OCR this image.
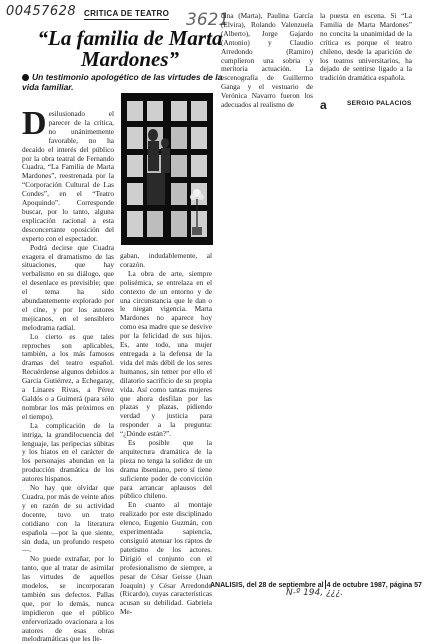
00457628 CRITICA DE TEATRO 3621
“La familia de Marta Mardones”
Un testimonio apologético de las virtudes de la vida familiar.

Desilusionado el parecer de la crítica, no unánimemente favorable, no ha decaído el interés del público por la obra teatral de Fernando Cuadra, “La Familia de Marta Mardones”, reestrenada por la “Corporación Cultural de Las Condes”, en el “Teatro Apoquindo”. Corresponde buscar, por lo tanto, alguna explicación racional a esta desconcertante oposición del experto con el espectador.

Podrá decirse que Cuadra exagera el dramatismo de las situaciones, que hay verbalismo en su diálogo, que el desenlace es previsible; que el tema ha sido abundantemente explorado por el cine, y por los autores mejicanos, en el sensiblero melodrama radial.

Lo cierto es que tales reproches son aplicables, también, a los más famosos dramas del teatro español. Recuérdense algunos debidos a García Gutiérrez, a Echegaray, a Linares Rivas, a Pérez Galdós o a Guimerá (para sólo nombrar los más próximos en el tiempo).

La complicación de la intriga, la grandilocuencia del lenguaje, las peripecias súbitas y los hiatos en el carácter de los personajes abundan en la producción dramática de los autores hispanos.

No hay que olvidar que Cuadra, por más de veinte años y en razón de su actividad docente, tuvo un trato cotidiano con la literatura española —por la que siente, sin duda, un profundo respeto—.

No puede extrañar, por lo tanto, que al tratar de asimilar las virtudes de aquellos modelos, se incorporaran también sus defectos. Pallas que, por lo demás, nunca impidieron que el público enfervorizado ovacionara a los autores de esas obras melodramáticas que les lle-

gaban, indudablemente, al corazón.

La obra de arte, siempre polisémica, se entrelaza en el contexto de un entorno y de una circunstancia que le dan o le niegan vigencia. Marta Mardones no aparece hoy como esa madre que se desvive por la felicidad de sus hijos. Es, ante todo, una mujer entregada a la defensa de la vida del más débil de los seres humanos, sin temer por ello el dilatorio sacrificio de su propia vida. Así como tantas mujeres que ahora desfilan por las plazas y plazas, pidiendo verdad y justicia para responder a la pregunta: “¿Dónde están?”.

Es posible que la arquitectura dramática de la pieza no tenga la solidez de un drama ibseniano, pero sí tiene suficiente poder de convicción para arrancar aplausos del público chileno.

En cuanto al montaje realizado por este disciplinado elenco, Eugenio Guzmán, con experimentada sapiencia, consiguió atenuar los raptos de patetismo de los actores. Dirigió el conjunto con el profesionalismo de siempre, a pesar de César Geisse (Juan Joaquín) y César Arredondo (Ricardo), cuyas características acusan su debilidad. Gabriela Me-

dina (Marta), Paulina García (Elvira), Rolando Valenzuela (Alberto), Jorge Gajardo (Antonio) y Claudio Arredondo (Ramiro) cumplieron una sobria y meritoria actuación. La escenografía de Guillermo Ganga y el vestuario de Verónica Navarro fueron los adecuados al realismo de

la puesta en escena. Si “La Familia de Marta Mardones” no concita la unanimidad de la crítica es porque el teatro chileno, desde la aparición de los teatros universitarios, ha dejado de sentirse ligado a la tradición dramática española.

a	SERGIO PALACIOS
ANALISIS, del 28 de septiembre al 4 de octubre 1987, página 57
N-º 194, ¿¿¿.
